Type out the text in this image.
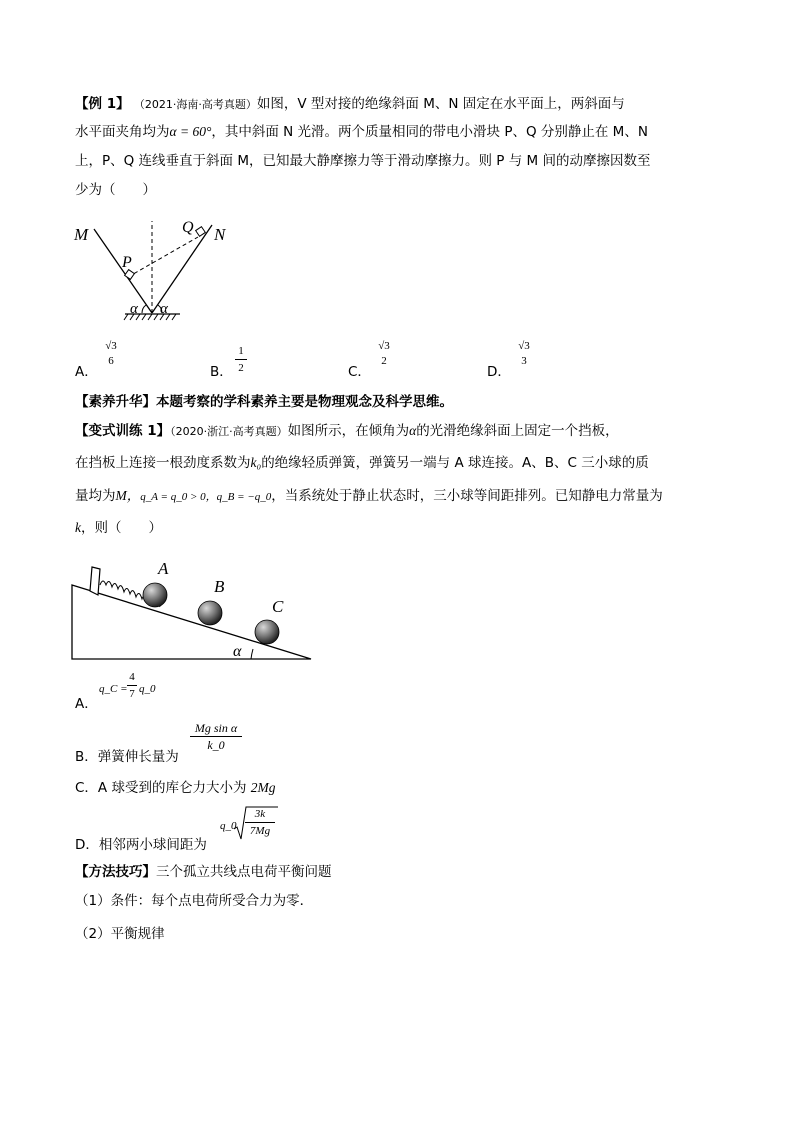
【例 1】 （2021·海南·高考真题）如图，V 型对接的绝缘斜面 M、N 固定在水平面上，两斜面与
水平面夹角均为α = 60°，其中斜面 N 光滑。两个质量相同的带电小滑块 P、Q 分别静止在 M、N
上，P、Q 连线垂直于斜面 M，已知最大静摩擦力等于滑动摩擦力。则 P 与 M 间的动摩擦因数至
少为（　　）
M	N
P
Q
α α
A．
√3
6
B．
1
2	C．
√3
2
D．
√3
3
【素养升华】本题考察的学科素养主要是物理观念及科学思维。
【变式训练 1】（2020·浙江·高考真题）如图所示，在倾角为α的光滑绝缘斜面上固定一个挡板，
在挡板上连接一根劲度系数为k₀的绝缘轻质弹簧，弹簧另一端与 A 球连接。A、B、C 三小球的质
量均为M，q_A = q_0 > 0，q_B = −q_0，当系统处于静止状态时，三小球等间距排列。已知静电力常量为
k，则（　　）
A
B
C
α
A．
q_C =
4
7 q_0
B．弹簧伸长量为
Mg sin α
k_0
C．A 球受到的库仑力大小为 2Mg
D．相邻两小球间距为
q_0
3k
7Mg
【方法技巧】三个孤立共线点电荷平衡问题
（1）条件：每个点电荷所受合力为零．
（2）平衡规律
